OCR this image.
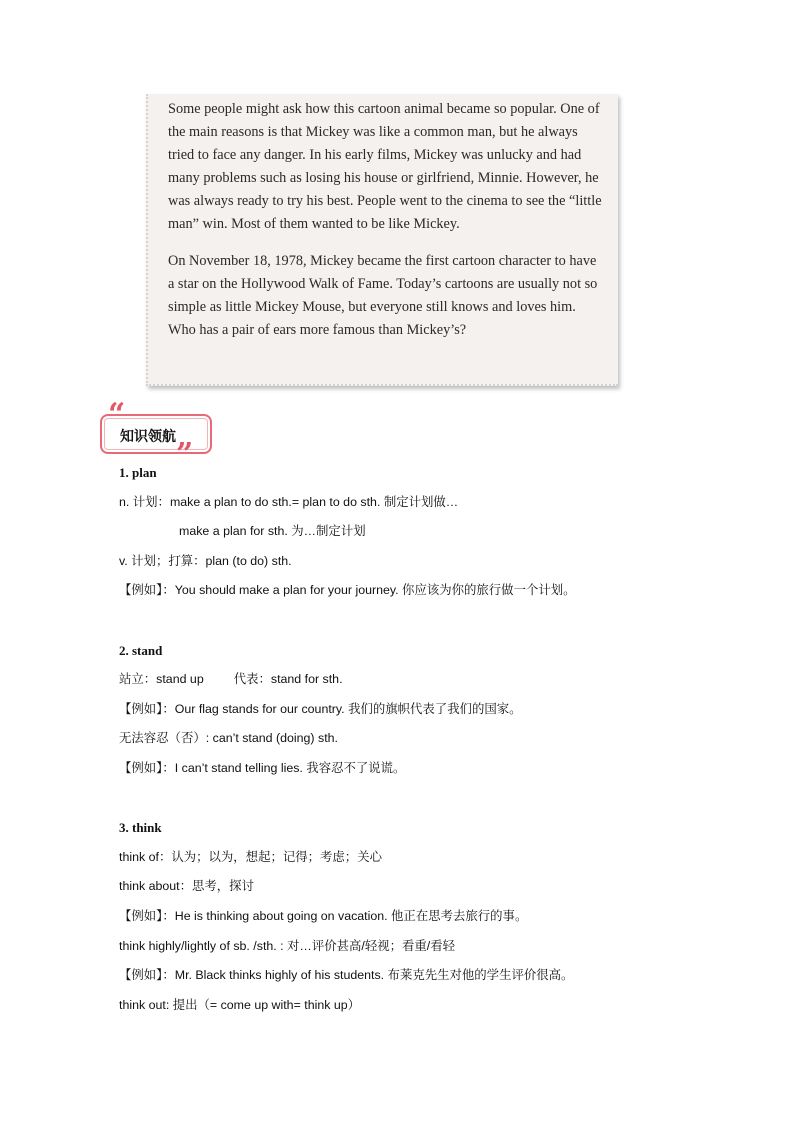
Some people might ask how this cartoon animal became so popular. One of the main reasons is that Mickey was like a common man, but he always tried to face any danger. In his early films, Mickey was unlucky and had many problems such as losing his house or girlfriend, Minnie. However, he was always ready to try his best. People went to the cinema to see the “little man” win. Most of them wanted to be like Mickey.

On November 18, 1978, Mickey became the first cartoon character to have a star on the Hollywood Walk of Fame. Today’s cartoons are usually not so simple as little Mickey Mouse, but everyone still knows and loves him. Who has a pair of ears more famous than Mickey’s?

“
知识领航 ”
1. plan
n. 计划：make a plan to do sth.= plan to do sth. 制定计划做…
make a plan for sth. 为…制定计划
v. 计划；打算：plan (to do) sth.
【例如】：You should make a plan for your journey. 你应该为你的旅行做一个计划。
2. stand
站立：stand up 代表：stand for sth.
【例如】：Our flag stands for our country. 我们的旗帜代表了我们的国家。
无法容忍（否）: can’t stand (doing) sth.
【例如】：I can’t stand telling lies. 我容忍不了说谎。
3. think
think of：认为；以为，想起；记得；考虑；关心
think about：思考，探讨
【例如】：He is thinking about going on vacation. 他正在思考去旅行的事。
think highly/lightly of sb. /sth. : 对…评价甚高/轻视；看重/看轻
【例如】：Mr. Black thinks highly of his students. 布莱克先生对他的学生评价很高。
think out: 提出（= come up with= think up）
